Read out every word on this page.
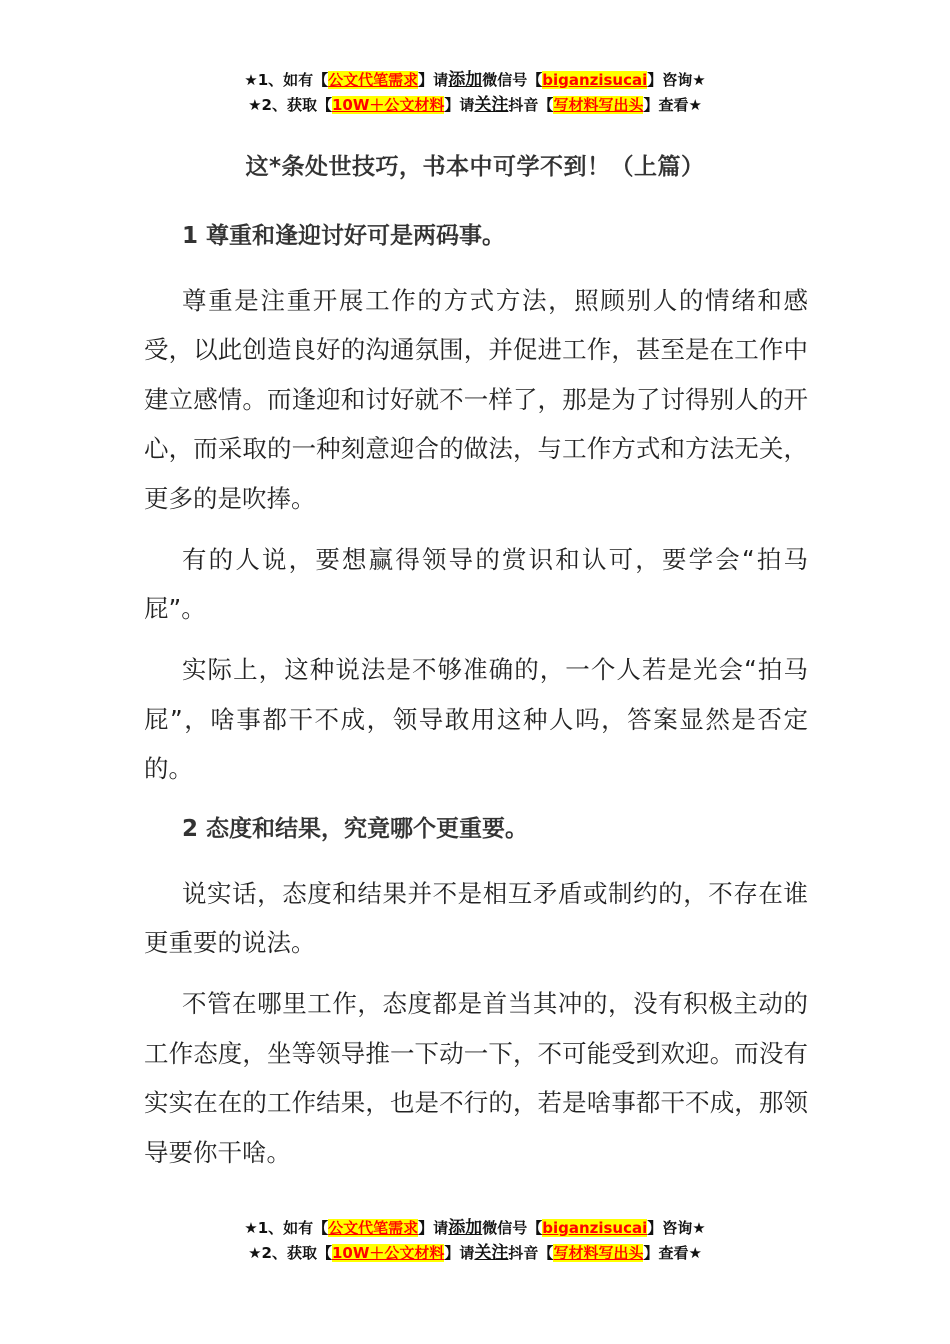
★1、如有【公文代笔需求】请添加微信号【biganzisucai】咨询★
★2、获取【10W＋公文材料】请关注抖音【写材料写出头】查看★
这*条处世技巧，书本中可学不到！（上篇）

1 尊重和逢迎讨好可是两码事。

尊重是注重开展工作的方式方法，照顾别人的情绪和感受，以此创造良好的沟通氛围，并促进工作，甚至是在工作中建立感情。而逢迎和讨好就不一样了，那是为了讨得别人的开心，而采取的一种刻意迎合的做法，与工作方式和方法无关，更多的是吹捧。

有的人说，要想赢得领导的赏识和认可，要学会“拍马屁”。

实际上，这种说法是不够准确的，一个人若是光会“拍马屁”，啥事都干不成，领导敢用这种人吗，答案显然是否定的。

2 态度和结果，究竟哪个更重要。

说实话，态度和结果并不是相互矛盾或制约的，不存在谁更重要的说法。

不管在哪里工作，态度都是首当其冲的，没有积极主动的工作态度，坐等领导推一下动一下，不可能受到欢迎。而没有实实在在的工作结果，也是不行的，若是啥事都干不成，那领导要你干啥。

★1、如有【公文代笔需求】请添加微信号【biganzisucai】咨询★
★2、获取【10W＋公文材料】请关注抖音【写材料写出头】查看★
